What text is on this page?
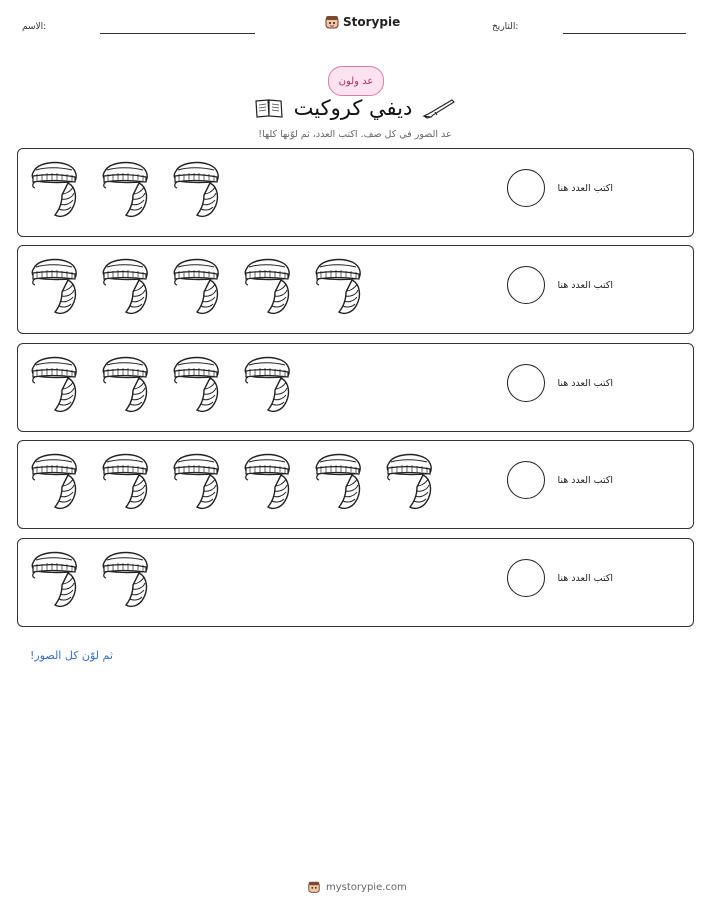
الاسم:	Storypie	التاريخ:
عد ولون
ديفي كروكيت
عد الصور في كل صف. اكتب العدد، ثم لوّنها كلها!
اكتب العدد هنا
اكتب العدد هنا
اكتب العدد هنا
اكتب العدد هنا
اكتب العدد هنا
ثم لوّن كل الصور!
mystorypie.com
